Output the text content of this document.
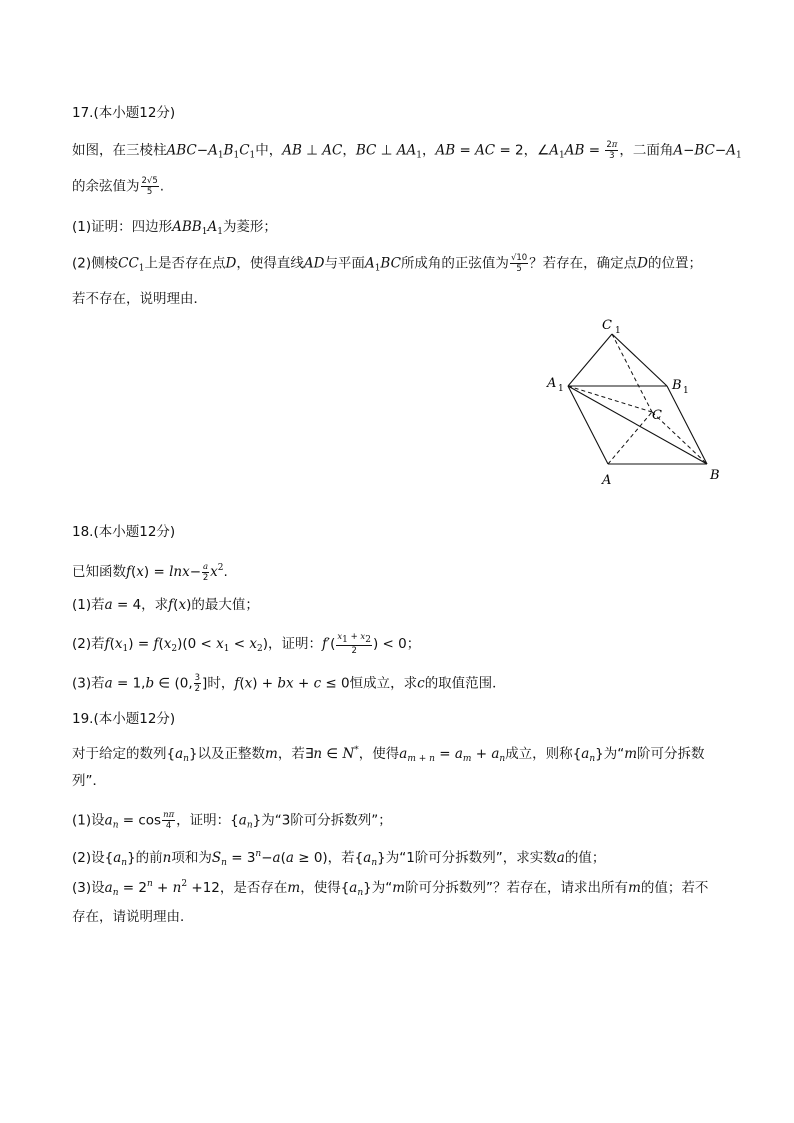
17.(本小题12分)
如图，在三棱柱$ABC-A_1B_1C_1$中，AB ⊥ AC，BC ⊥ $AA_1$，AB = AC = 2，$\angle A_1AB = \frac{2\pi}{3}$ ，二面角$A-BC-A_1$
的余弦值为 $\frac{2√5}{5}$ .
(1)证明：四边形$ABB_1A_1$为菱形；
(2)侧棱$CC_1$上是否存在点D，使得直线AD与平面$A_1BC$所成角的正弦值为 $\frac{√10}{5}$ ？若存在，确定点D的位置；
若不存在，说明理由．
C 1
A 1	B 1
C
A	B
18.(本小题12分)
已知函数$f(x) = \ln x- \frac{a}{2} x^2$.
(1)若a = 4，求f(x)的最大值；
(2)若$f(x_1) = f(x_2)(0 < x_1 < x_2)$，证明：$f'( \frac{x_1 + x_2}{2}$ ) < 0；
(3)若a = 1,b ∈ (0, $\frac{3}{2}$ ]时，f(x) + bx + c ≤ 0恒成立，求c的取值范围．
19.(本小题12分)
对于给定的数列$\{a_n\}$以及正整数m，若∃n ∈ N*，使得$a_{m + n} = a_m + a_n$成立，则称$\{a_n\}$为“m阶可分拆数
列”．
(1)设$a_n = \cos \frac{n\pi}{4}$ ，证明：$\{a_n\}$为“3阶可分拆数列”；
(2)设$\{a_n\}$的前n项和为$S_n = 3^n-a(a \ge 0)$，若$\{a_n\}$为“1阶可分拆数列”，求实数a的值；
(3)设$a_n = 2^n + n^2 +12$，是否存在m，使得$\{a_n\}$为“m阶可分拆数列”？若存在，请求出所有m的值；若不
存在，请说明理由．
